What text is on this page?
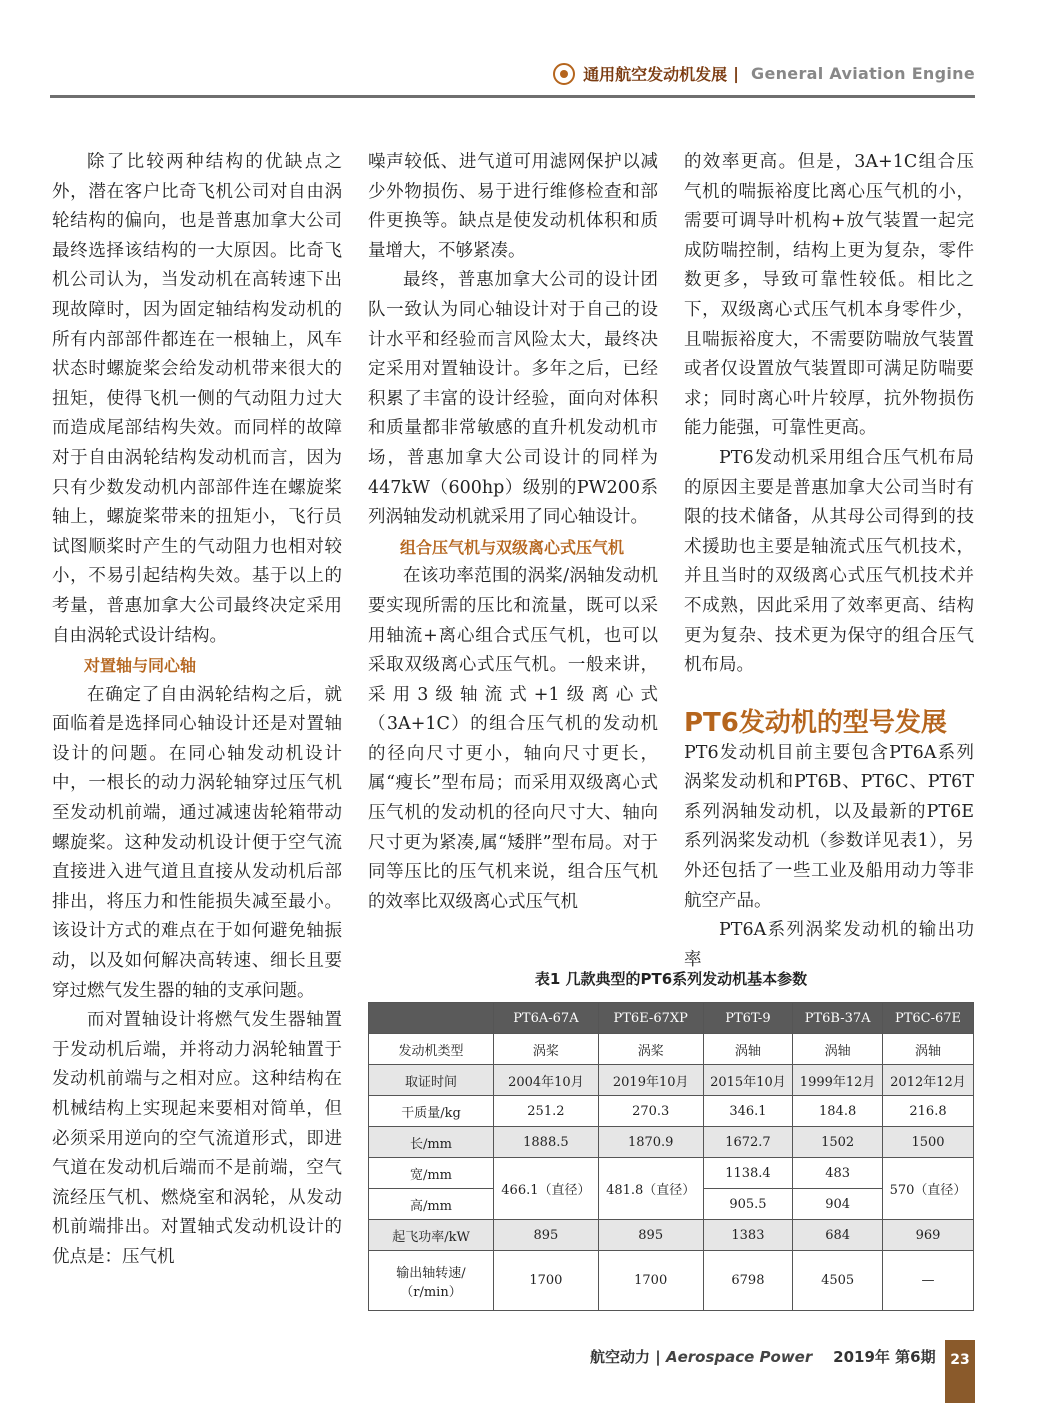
通用航空发动机发展 | General Aviation Engine

除了比较两种结构的优缺点之外，潜在客户比奇飞机公司对自由涡轮结构的偏向，也是普惠加拿大公司最终选择该结构的一大原因。比奇飞机公司认为，当发动机在高转速下出现故障时，因为固定轴结构发动机的所有内部部件都连在一根轴上，风车状态时螺旋桨会给发动机带来很大的扭矩，使得飞机一侧的气动阻力过大而造成尾部结构失效。而同样的故障对于自由涡轮结构发动机而言，因为只有少数发动机内部部件连在螺旋桨轴上，螺旋桨带来的扭矩小，飞行员试图顺桨时产生的气动阻力也相对较小，不易引起结构失效。基于以上的考量，普惠加拿大公司最终决定采用自由涡轮式设计结构。

对置轴与同心轴

在确定了自由涡轮结构之后，就面临着是选择同心轴设计还是对置轴设计的问题。在同心轴发动机设计中，一根长的动力涡轮轴穿过压气机至发动机前端，通过减速齿轮箱带动螺旋桨。这种发动机设计便于空气流直接进入进气道且直接从发动机后部排出，将压力和性能损失减至最小。该设计方式的难点在于如何避免轴振动，以及如何解决高转速、细长且要穿过燃气发生器的轴的支承问题。

而对置轴设计将燃气发生器轴置于发动机后端，并将动力涡轮轴置于发动机前端与之相对应。这种结构在机械结构上实现起来要相对简单，但必须采用逆向的空气流道形式，即进气道在发动机后端而不是前端，空气流经压气机、燃烧室和涡轮，从发动机前端排出。对置轴式发动机设计的优点是：压气机

噪声较低、进气道可用滤网保护以减少外物损伤、易于进行维修检查和部件更换等。缺点是使发动机体积和质量增大，不够紧凑。

最终，普惠加拿大公司的设计团队一致认为同心轴设计对于自己的设计水平和经验而言风险太大，最终决定采用对置轴设计。多年之后，已经积累了丰富的设计经验，面向对体积和质量都非常敏感的直升机发动机市场，普惠加拿大公司设计的同样为447kW（600hp）级别的PW200系列涡轴发动机就采用了同心轴设计。

组合压气机与双级离心式压气机

在该功率范围的涡桨/涡轴发动机要实现所需的压比和流量，既可以采用轴流+离心组合式压气机，也可以采取双级离心式压气机。一般来讲，采用3级轴流式+1级离心式（3A+1C）的组合压气机的发动机的径向尺寸更小，轴向尺寸更长，属“瘦长”型布局；而采用双级离心式压气机的发动机的径向尺寸大、轴向尺寸更为紧凑,属“矮胖”型布局。对于同等压比的压气机来说，组合压气机的效率比双级离心式压气机

的效率更高。但是，3A+1C组合压气机的喘振裕度比离心压气机的小，需要可调导叶机构+放气装置一起完成防喘控制，结构上更为复杂，零件数更多，导致可靠性较低。相比之下，双级离心式压气机本身零件少，且喘振裕度大，不需要防喘放气装置或者仅设置放气装置即可满足防喘要求；同时离心叶片较厚，抗外物损伤能力能强，可靠性更高。

PT6发动机采用组合压气机布局的原因主要是普惠加拿大公司当时有限的技术储备，从其母公司得到的技术援助也主要是轴流式压气机技术，并且当时的双级离心式压气机技术并不成熟，因此采用了效率更高、结构更为复杂、技术更为保守的组合压气机布局。

PT6发动机的型号发展

PT6发动机目前主要包含PT6A系列涡桨发动机和PT6B、PT6C、PT6T系列涡轴发动机，以及最新的PT6E系列涡桨发动机（参数详见表1），另外还包括了一些工业及船用动力等非航空产品。

PT6A系列涡桨发动机的输出功率

表1 几款典型的PT6系列发动机基本参数
	PT6A-67A	PT6E-67XP	PT6T-9	PT6B-37A	PT6C-67E
发动机类型	涡桨	涡桨	涡轴	涡轴	涡轴
取证时间	2004年10月	2019年10月	2015年10月	1999年12月	2012年12月
干质量/kg	251.2	270.3	346.1	184.8	216.8
长/mm	1888.5	1870.9	1672.7	1502	1500
宽/mm	466.1（直径）	481.8（直径）	1138.4	483	570（直径）
高/mm			905.5	904	
起飞功率/kW	895	895	1383	684	969

输出轴转速/
（r/min）	1700	1700	6798	4505	—
航空动力 | Aerospace Power 2019年 第6期	23
